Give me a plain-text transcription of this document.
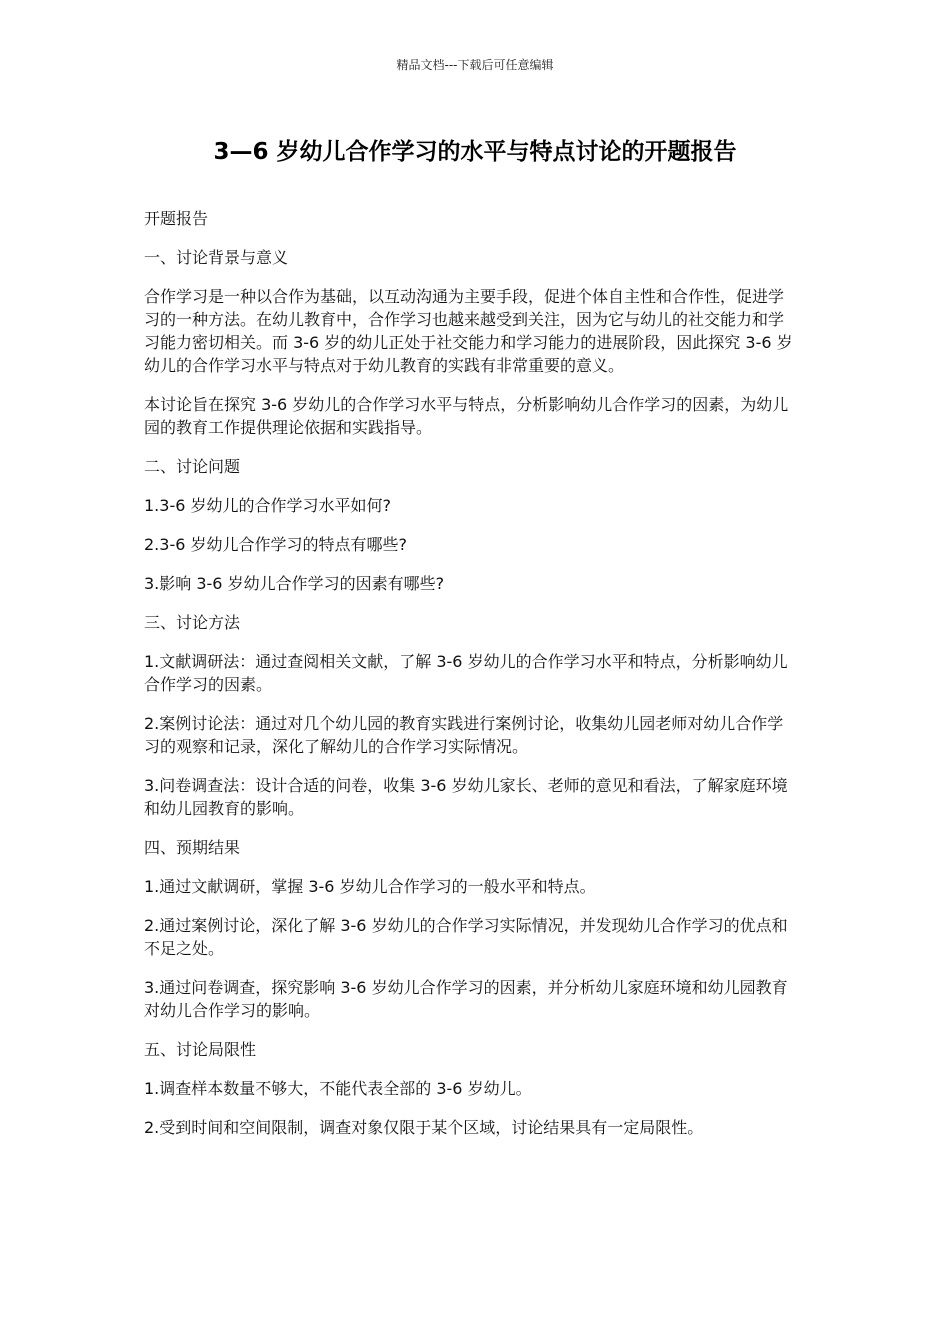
精品文档---下载后可任意编辑
3—6 岁幼儿合作学习的水平与特点讨论的开题报告

开题报告

一、讨论背景与意义

合作学习是一种以合作为基础，以互动沟通为主要手段，促进个体自主性和合作性，促进学习的一种方法。在幼儿教育中，合作学习也越来越受到关注，因为它与幼儿的社交能力和学习能力密切相关。而 3-6 岁的幼儿正处于社交能力和学习能力的进展阶段，因此探究 3-6 岁幼儿的合作学习水平与特点对于幼儿教育的实践有非常重要的意义。

本讨论旨在探究 3-6 岁幼儿的合作学习水平与特点，分析影响幼儿合作学习的因素，为幼儿园的教育工作提供理论依据和实践指导。

二、讨论问题

1.3-6 岁幼儿的合作学习水平如何?

2.3-6 岁幼儿合作学习的特点有哪些?

3.影响 3-6 岁幼儿合作学习的因素有哪些?

三、讨论方法

1.文献调研法：通过查阅相关文献，了解 3-6 岁幼儿的合作学习水平和特点，分析影响幼儿合作学习的因素。

2.案例讨论法：通过对几个幼儿园的教育实践进行案例讨论，收集幼儿园老师对幼儿合作学习的观察和记录，深化了解幼儿的合作学习实际情况。

3.问卷调查法：设计合适的问卷，收集 3-6 岁幼儿家长、老师的意见和看法，了解家庭环境和幼儿园教育的影响。

四、预期结果

1.通过文献调研，掌握 3-6 岁幼儿合作学习的一般水平和特点。

2.通过案例讨论，深化了解 3-6 岁幼儿的合作学习实际情况，并发现幼儿合作学习的优点和不足之处。

3.通过问卷调查，探究影响 3-6 岁幼儿合作学习的因素，并分析幼儿家庭环境和幼儿园教育对幼儿合作学习的影响。

五、讨论局限性

1.调查样本数量不够大，不能代表全部的 3-6 岁幼儿。

2.受到时间和空间限制，调查对象仅限于某个区域，讨论结果具有一定局限性。
